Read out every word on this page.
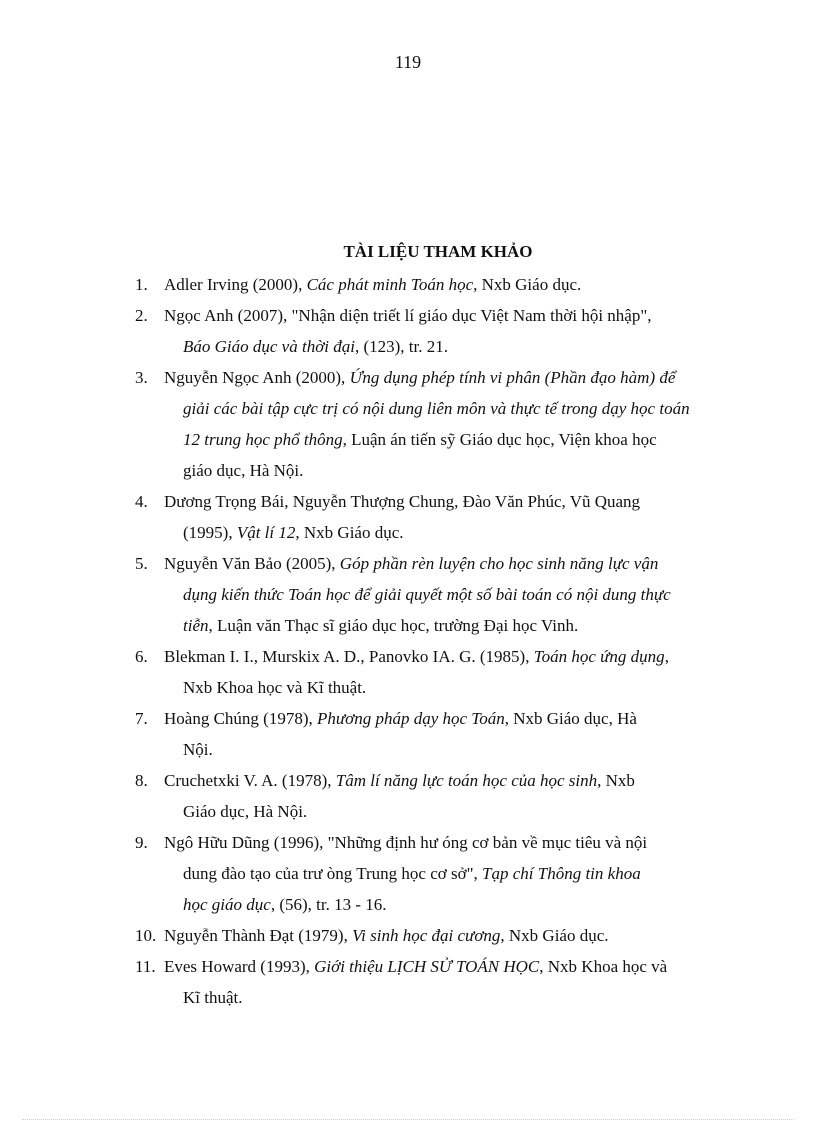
119
TÀI LIỆU THAM KHẢO
1. Adler Irving (2000), Các phát minh Toán học, Nxb Giáo dục.
2. Ngọc Anh (2007), "Nhận diện triết lí giáo dục Việt Nam thời hội nhập",
Báo Giáo dục và thời đại, (123), tr. 21.
3. Nguyễn Ngọc Anh (2000), Ứng dụng phép tính vi phân (Phần đạo hàm) để
giải các bài tập cực trị có nội dung liên môn và thực tế trong dạy học toán
12 trung học phổ thông, Luận án tiến sỹ Giáo dục học, Viện khoa học
giáo dục, Hà Nội.
4. Dương Trọng Bái, Nguyễn Thượng Chung, Đào Văn Phúc, Vũ Quang
(1995), Vật lí 12, Nxb Giáo dục.
5. Nguyễn Văn Bảo (2005), Góp phần rèn luyện cho học sinh năng lực vận
dụng kiến thức Toán học để giải quyết một số bài toán có nội dung thực
tiễn, Luận văn Thạc sĩ giáo dục học, trường Đại học Vinh.
6. Blekman I. I., Murskix A. D., Panovko IA. G. (1985), Toán học ứng dụng,
Nxb Khoa học và Kĩ thuật.
7. Hoàng Chúng (1978), Phương pháp dạy học Toán, Nxb Giáo dục, Hà
Nội.
8. Cruchetxki V. A. (1978), Tâm lí năng lực toán học của học sinh, Nxb
Giáo dục, Hà Nội.
9. Ngô Hữu Dũng (1996), "Những định hư óng cơ bản về mục tiêu và nội
dung đào tạo của trư òng Trung học cơ sở", Tạp chí Thông tin khoa
học giáo dục, (56), tr. 13 - 16.
10. Nguyễn Thành Đạt (1979), Vi sinh học đại cương, Nxb Giáo dục.
11. Eves Howard (1993), Giới thiệu LỊCH SỬ TOÁN HỌC, Nxb Khoa học và
Kĩ thuật.
